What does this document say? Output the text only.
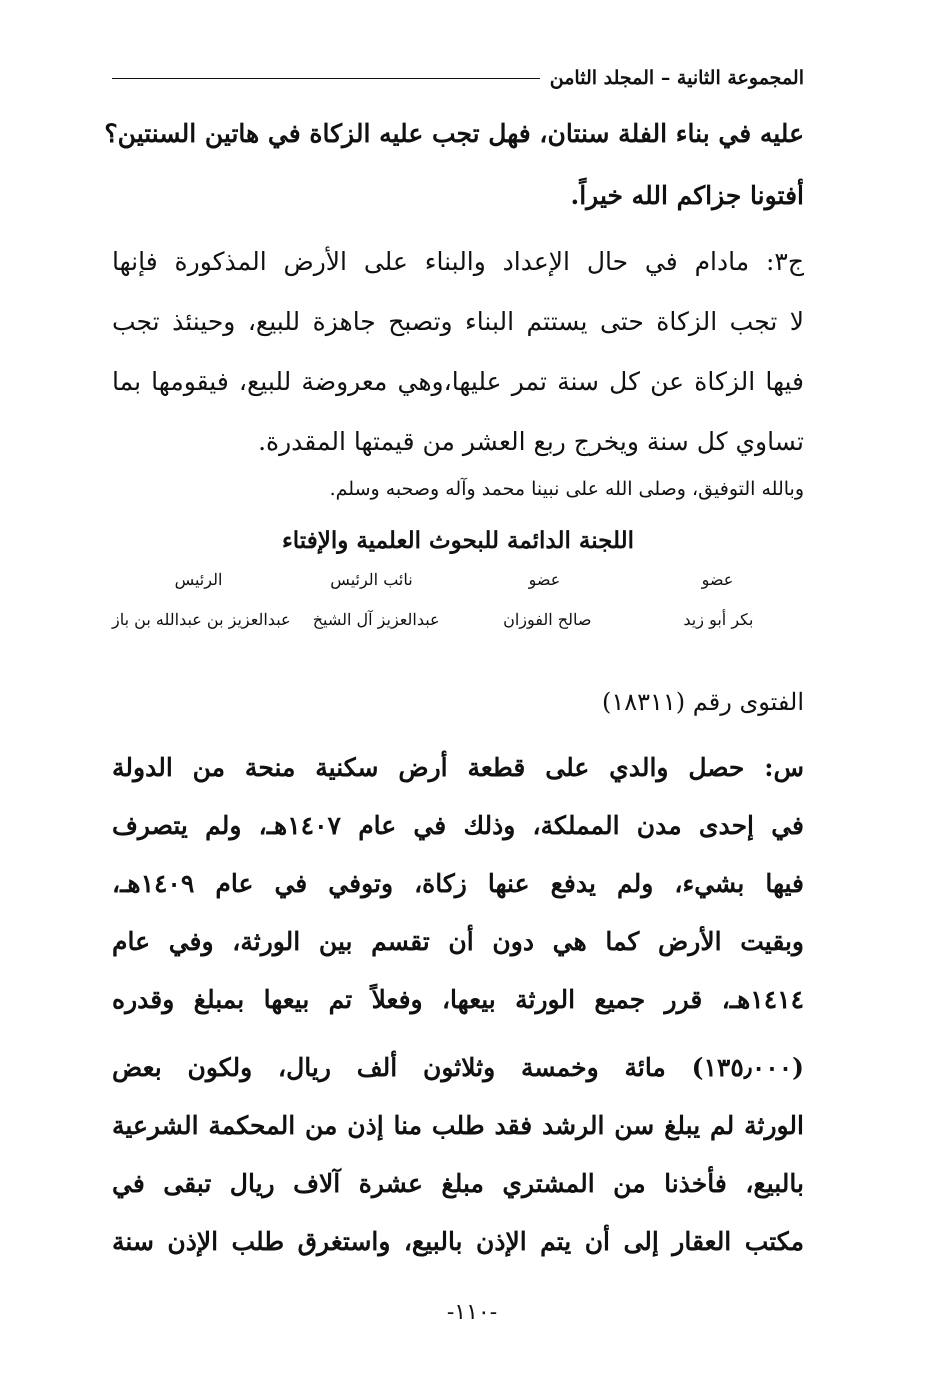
المجموعة الثانية – المجلد الثامن
عليه في بناء الفلة سنتان، فهل تجب عليه الزكاة في هاتين السنتين؟
أفتونا جزاكم الله خيراً.
ج٣: مادام في حال الإعداد والبناء على الأرض المذكورة فإنها
لا تجب الزكاة حتى يستتم البناء وتصبح جاهزة للبيع، وحينئذ تجب
فيها الزكاة عن كل سنة تمر عليها،وهي معروضة للبيع، فيقومها بما
تساوي كل سنة ويخرج ربع العشر من قيمتها المقدرة.
وبالله التوفيق، وصلى الله على نبينا محمد وآله وصحبه وسلم.
اللجنة الدائمة للبحوث العلمية والإفتاء
عضو
عضو
نائب الرئيس
الرئيس
بكر أبو زيد
صالح الفوزان
عبدالعزيز آل الشيخ
عبدالعزيز بن عبدالله بن باز
الفتوى رقم (١٨٣١١)
س: حصل والدي على قطعة أرض سكنية منحة من الدولة
في إحدى مدن المملكة، وذلك في عام ١٤٠٧هـ، ولم يتصرف
فيها بشيء، ولم يدفع عنها زكاة، وتوفي في عام ١٤٠٩هـ،
وبقيت الأرض كما هي دون أن تقسم بين الورثة، وفي عام
١٤١٤هـ، قرر جميع الورثة بيعها، وفعلاً تم بيعها بمبلغ وقدره
(١٣٥٫٠٠٠) مائة وخمسة وثلاثون ألف ريال، ولكون بعض
الورثة لم يبلغ سن الرشد فقد طلب منا إذن من المحكمة الشرعية
بالبيع، فأخذنا من المشتري مبلغ عشرة آلاف ريال تبقى في
مكتب العقار إلى أن يتم الإذن بالبيع، واستغرق طلب الإذن سنة
-١١٠-
